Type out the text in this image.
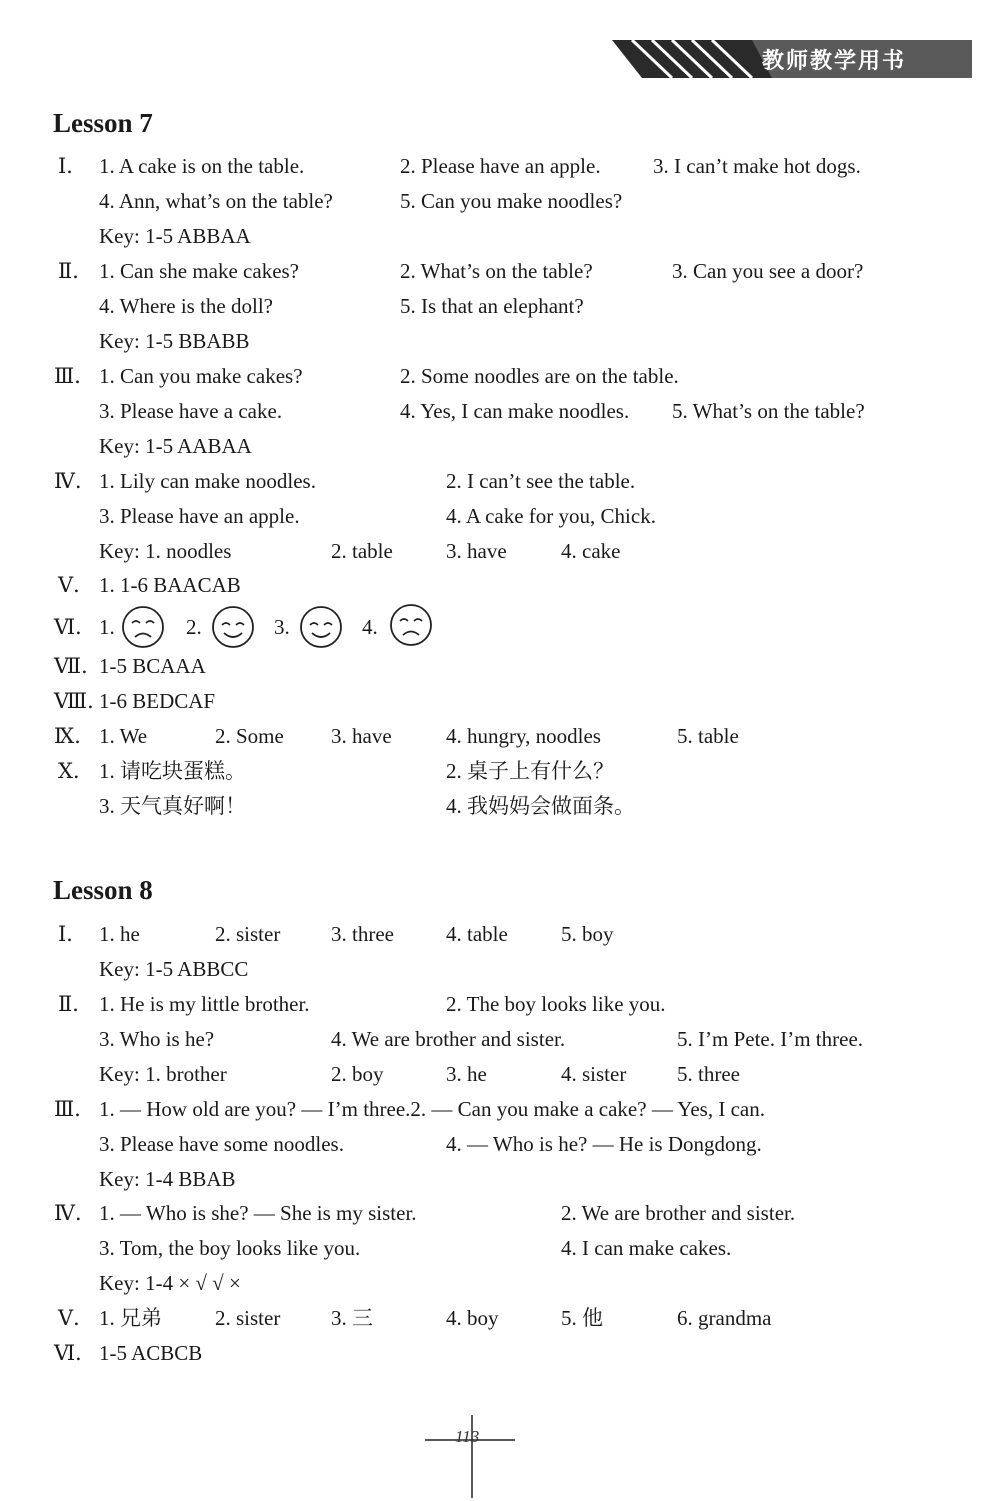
教师教学用书
Lesson 7
Ⅰ． 1. A cake is on the table.	2. Please have an apple. 3. I can’t make hot dogs.
4. Ann, what’s on the table?	5. Can you make noodles?
Key: 1-5 ABBAA
Ⅱ． 1. Can she make cakes?	2. What’s on the table?	3. Can you see a door?
4. Where is the doll?	5. Is that an elephant?
Key: 1-5 BBABB
Ⅲ． 1. Can you make cakes?	2. Some noodles are on the table.
3. Please have a cake.	4. Yes, I can make noodles. 5. What’s on the table?
Key: 1-5 AABAA
Ⅳ． 1. Lily can make noodles.	2. I can’t see the table.
3. Please have an apple.	4. A cake for you, Chick.
Key: 1. noodles	2. table	3. have	4. cake
Ⅴ． 1. 1-6 BAACAB
Ⅵ． 1.	2.	3.	4.
Ⅶ．
1-5 BCAAA
Ⅷ．
1-6 BEDCAF
Ⅸ． 1. We	2. Some 3. have	4. hungry, noodles	5. table
Ⅹ． 1. 请吃块蛋糕。	2. 桌子上有什么？
3. 天气真好啊！	4. 我妈妈会做面条。
Lesson 8
Ⅰ． 1. he	2. sister 3. three 4. table	5. boy
Key: 1-5 ABBCC
Ⅱ． 1. He is my little brother.	2. The boy looks like you.
3. Who is he?	4. We are brother and sister.	5. I’m Pete. I’m three.
Key: 1. brother	2. boy	3. he	4. sister 5. three
Ⅲ． 1. — How old are you? — I’m three.2. — Can you make a cake? — Yes, I can.
3. Please have some noodles.	4. — Who is he? — He is Dongdong.
Key: 1-4 BBAB
Ⅳ． 1. — Who is she? — She is my sister.	2. We are brother and sister.
3. Tom, the boy looks like you.	4. I can make cakes.
Key: 1-4 × √ √ ×
Ⅴ． 1. 兄弟	2. sister 3. 三	4. boy	5. 他	6. grandma
Ⅵ． 1-5 ACBCB
113
